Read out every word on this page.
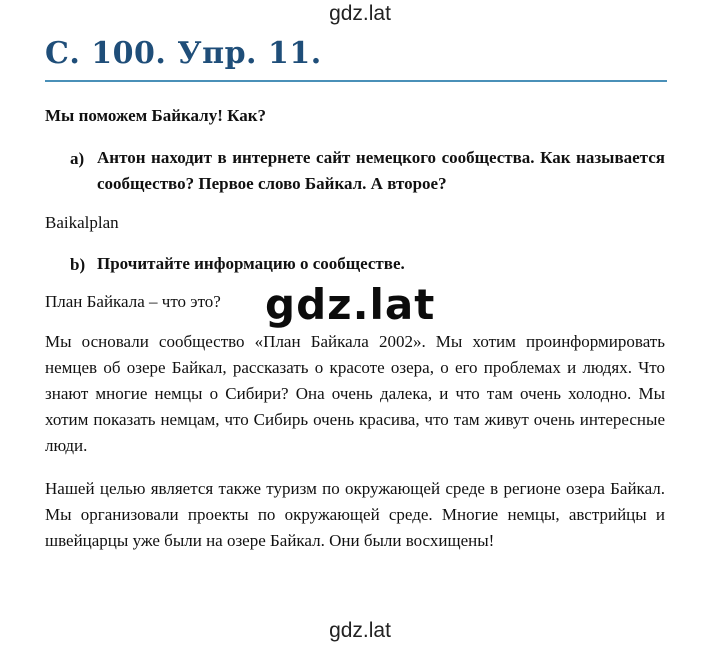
gdz.lat
С. 100. Упр. 11.
Мы поможем Байкалу! Как?
a) Антон находит в интернете сайт немецкого сообщества. Как называется сообщество? Первое слово Байкал. А второе?
Baikalplan
b) Прочитайте информацию о сообществе.
План Байкала – что это?
Мы основали сообщество «План Байкала 2002». Мы хотим проинформировать немцев об озере Байкал, рассказать о красоте озера, о его проблемах и людях. Что знают многие немцы о Сибири? Она очень далека, и что там очень холодно. Мы хотим показать немцам, что Сибирь очень красива, что там живут очень интересные люди.
Нашей целью является также туризм по окружающей среде в регионе озера Байкал. Мы организовали проекты по окружающей среде. Многие немцы, австрийцы и швейцарцы уже были на озере Байкал. Они были восхищены!
gdz.lat
gdz.lat
